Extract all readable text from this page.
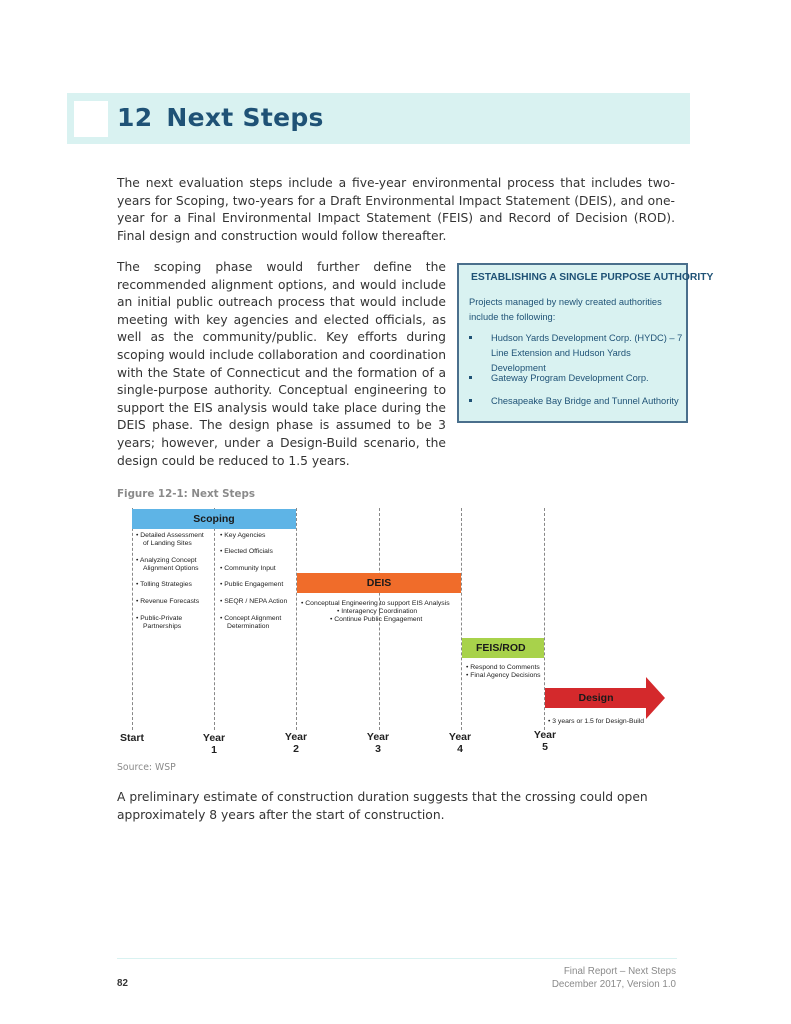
12 Next Steps
The next evaluation steps include a five-year environmental process that includes two-years for Scoping, two-years for a Draft Environmental Impact Statement (DEIS), and one-year for a Final Environmental Impact Statement (FEIS) and Record of Decision (ROD). Final design and construction would follow thereafter.
The scoping phase would further define the recommended alignment options, and would include an initial public outreach process that would include meeting with key agencies and elected officials, as well as the community/public. Key efforts during scoping would include collaboration and coordination with the State of Connecticut and the formation of a single-purpose authority. Conceptual engineering to support the EIS analysis would take place during the DEIS phase. The design phase is assumed to be 3 years; however, under a Design-Build scenario, the design could be reduced to 1.5 years.
ESTABLISHING A SINGLE PURPOSE AUTHORITY
Projects managed by newly created authorities include the following:
Hudson Yards Development Corp. (HYDC) – 7 Line Extension and Hudson Yards Development
Gateway Program Development Corp.
Chesapeake Bay Bridge and Tunnel Authority
Figure 12-1: Next Steps
Scoping
DEIS
FEIS/ROD
Design
• Detailed Assessment
of Landing Sites
• Analyzing Concept
Alignment Options
• Tolling Strategies
• Revenue Forecasts
• Public-Private
Partnerships
• Key Agencies
• Elected Officials
• Community Input
• Public Engagement
• SEQR / NEPA Action
• Concept Alignment
Determination
• Conceptual Engineering to support EIS Analysis
• Interagency Coordination
• Continue Public Engagement
• Respond to Comments
• Final Agency Decisions
• 3 years or 1.5 for Design-Build
Start	Year
1
Year
2
Year
3
Year
4
Year
5
Source: WSP
A preliminary estimate of construction duration suggests that the crossing could open approximately 8 years after the start of construction.
Final Report – Next Steps
December 2017, Version 1.0
82
